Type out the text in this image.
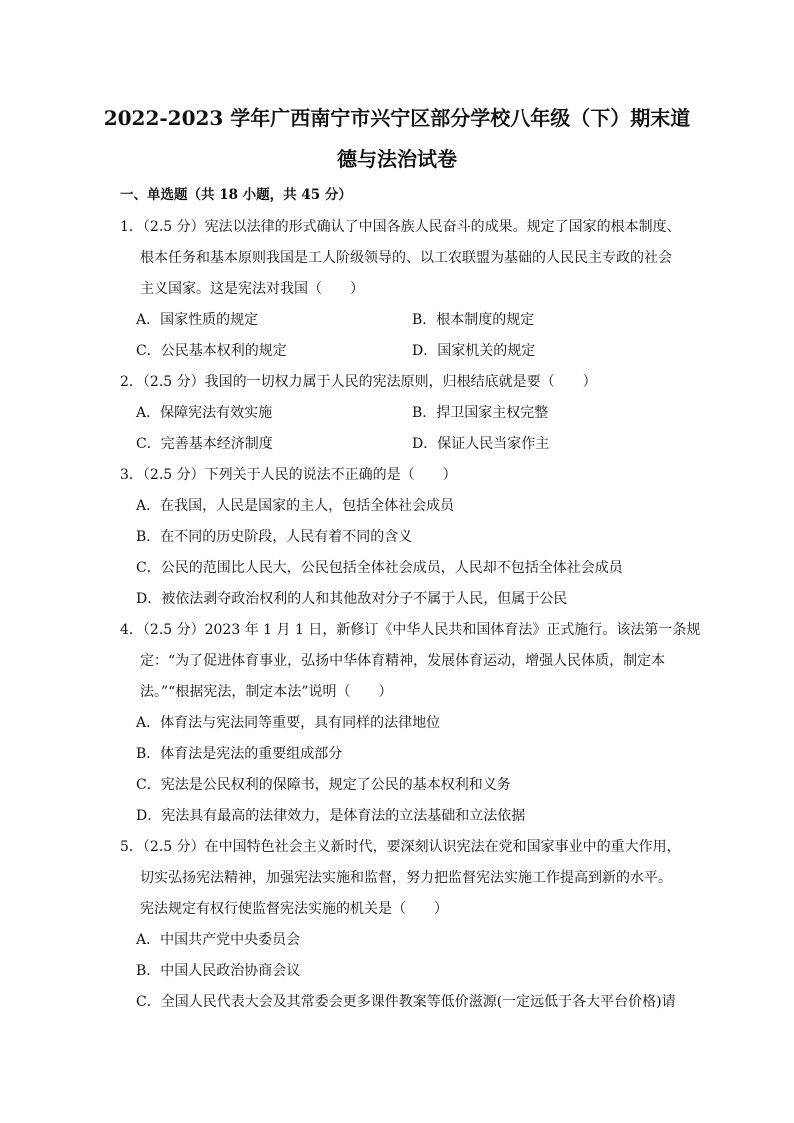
2022-2023 学年广西南宁市兴宁区部分学校八年级（下）期末道
德与法治试卷
一、单选题（共 18 小题，共 45 分）
1．（2.5 分）宪法以法律的形式确认了中国各族人民奋斗的成果。规定了国家的根本制度、
根本任务和基本原则我国是工人阶级领导的、以工农联盟为基础的人民民主专政的社会
主义国家。这是宪法对我国（　　）
A．国家性质的规定	B．根本制度的规定
C．公民基本权利的规定	D．国家机关的规定
2．（2.5 分）我国的一切权力属于人民的宪法原则，归根结底就是要（　　）
A．保障宪法有效实施	B．捍卫国家主权完整
C．完善基本经济制度	D．保证人民当家作主
3．（2.5 分）下列关于人民的说法不正确的是（　　）
A．在我国，人民是国家的主人，包括全体社会成员
B．在不同的历史阶段，人民有着不同的含义
C．公民的范围比人民大，公民包括全体社会成员，人民却不包括全体社会成员
D．被依法剥夺政治权利的人和其他敌对分子不属于人民，但属于公民
4．（2.5 分）2023 年 1 月 1 日，新修订《中华人民共和国体育法》正式施行。该法第一条规
定：“为了促进体育事业，弘扬中华体育精神，发展体育运动，增强人民体质，制定本
法。”“根据宪法，制定本法”说明（　　）
A．体育法与宪法同等重要，具有同样的法律地位
B．体育法是宪法的重要组成部分
C．宪法是公民权利的保障书，规定了公民的基本权利和义务
D．宪法具有最高的法律效力，是体育法的立法基础和立法依据
5．（2.5 分）在中国特色社会主义新时代，要深刻认识宪法在党和国家事业中的重大作用，
切实弘扬宪法精神，加强宪法实施和监督，努力把监督宪法实施工作提高到新的水平。
宪法规定有权行使监督宪法实施的机关是（　　）
A．中国共产党中央委员会
B．中国人民政治协商会议
C．全国人民代表大会及其常委会更多课件教案等低价滋源(一定远低于各大平台价格)请
